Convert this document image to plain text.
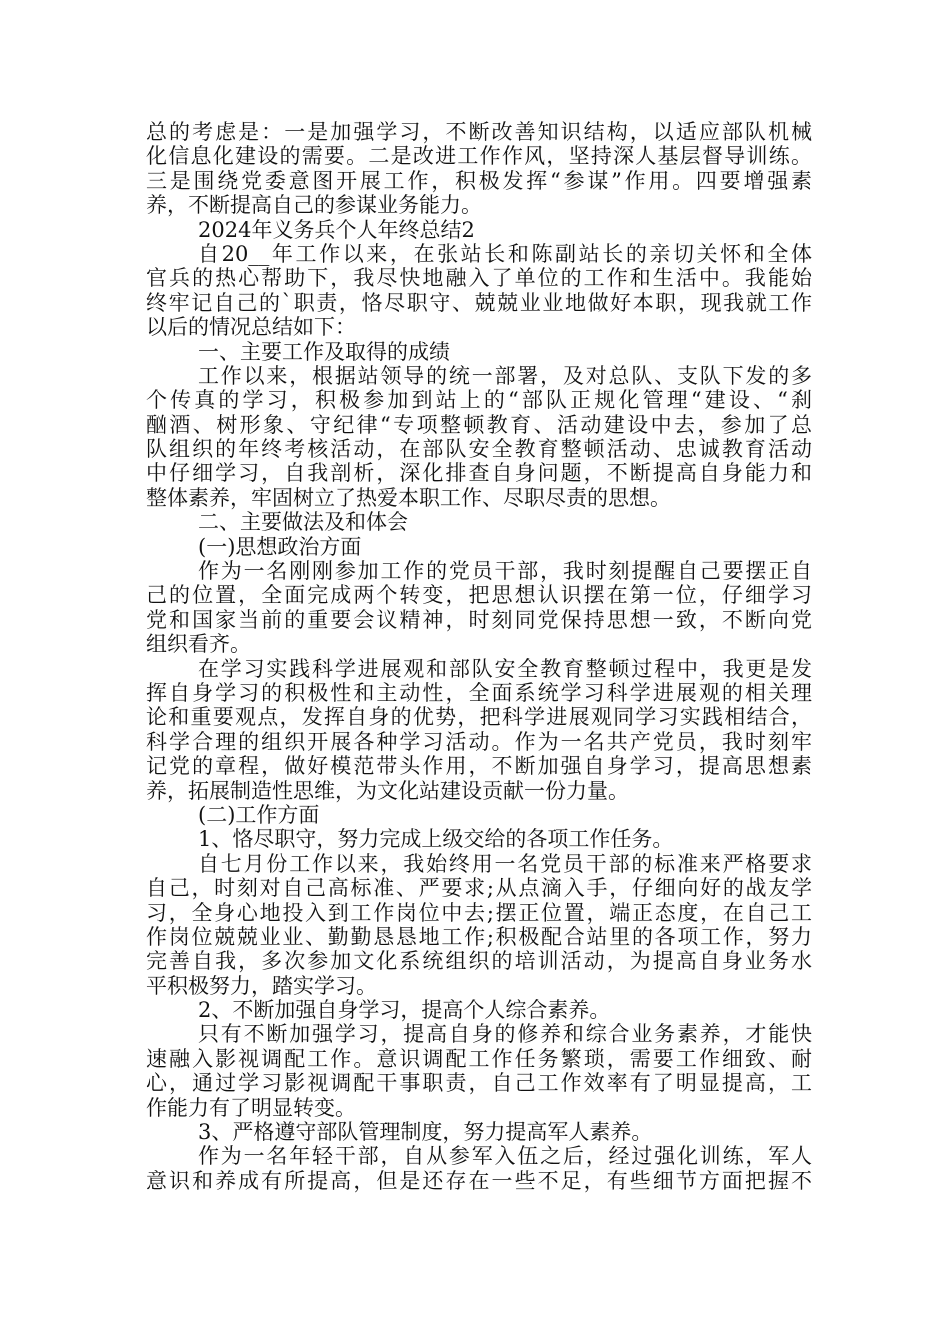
总的考虑是：一是加强学习，不断改善知识结构，以适应部队机械
化信息化建设的需要。二是改进工作作风，坚持深人基层督导训练。
三是围绕党委意图开展工作，积极发挥“参谋”作用。四要增强素
养，不断提高自己的参谋业务能力。
2024年义务兵个人年终总结2
自20__年工作以来，在张站长和陈副站长的亲切关怀和全体
官兵的热心帮助下，我尽快地融入了单位的工作和生活中。我能始
终牢记自己的`职责，恪尽职守、兢兢业业地做好本职，现我就工作
以后的情况总结如下：
一、主要工作及取得的成绩
工作以来，根据站领导的统一部署，及对总队、支队下发的多
个传真的学习，积极参加到站上的“部队正规化管理“建设、“刹
酗酒、树形象、守纪律“专项整顿教育、活动建设中去，参加了总
队组织的年终考核活动，在部队安全教育整顿活动、忠诚教育活动
中仔细学习，自我剖析，深化排查自身问题，不断提高自身能力和
整体素养，牢固树立了热爱本职工作、尽职尽责的思想。
二、主要做法及和体会
(一)思想政治方面
作为一名刚刚参加工作的党员干部，我时刻提醒自己要摆正自
己的位置，全面完成两个转变，把思想认识摆在第一位，仔细学习
党和国家当前的重要会议精神，时刻同党保持思想一致，不断向党
组织看齐。
在学习实践科学进展观和部队安全教育整顿过程中，我更是发
挥自身学习的积极性和主动性，全面系统学习科学进展观的相关理
论和重要观点，发挥自身的优势，把科学进展观同学习实践相结合，
科学合理的组织开展各种学习活动。作为一名共产党员，我时刻牢
记党的章程，做好模范带头作用，不断加强自身学习，提高思想素
养，拓展制造性思维，为文化站建设贡献一份力量。
(二)工作方面
1、恪尽职守，努力完成上级交给的各项工作任务。
自七月份工作以来，我始终用一名党员干部的标准来严格要求
自己，时刻对自己高标准、严要求;从点滴入手，仔细向好的战友学
习，全身心地投入到工作岗位中去;摆正位置，端正态度，在自己工
作岗位兢兢业业、勤勤恳恳地工作;积极配合站里的各项工作，努力
完善自我，多次参加文化系统组织的培训活动，为提高自身业务水
平积极努力，踏实学习。
2、不断加强自身学习，提高个人综合素养。
只有不断加强学习，提高自身的修养和综合业务素养，才能快
速融入影视调配工作。意识调配工作任务繁琐，需要工作细致、耐
心，通过学习影视调配干事职责，自己工作效率有了明显提高，工
作能力有了明显转变。
3、严格遵守部队管理制度，努力提高军人素养。
作为一名年轻干部，自从参军入伍之后，经过强化训练，军人
意识和养成有所提高，但是还存在一些不足，有些细节方面把握不
